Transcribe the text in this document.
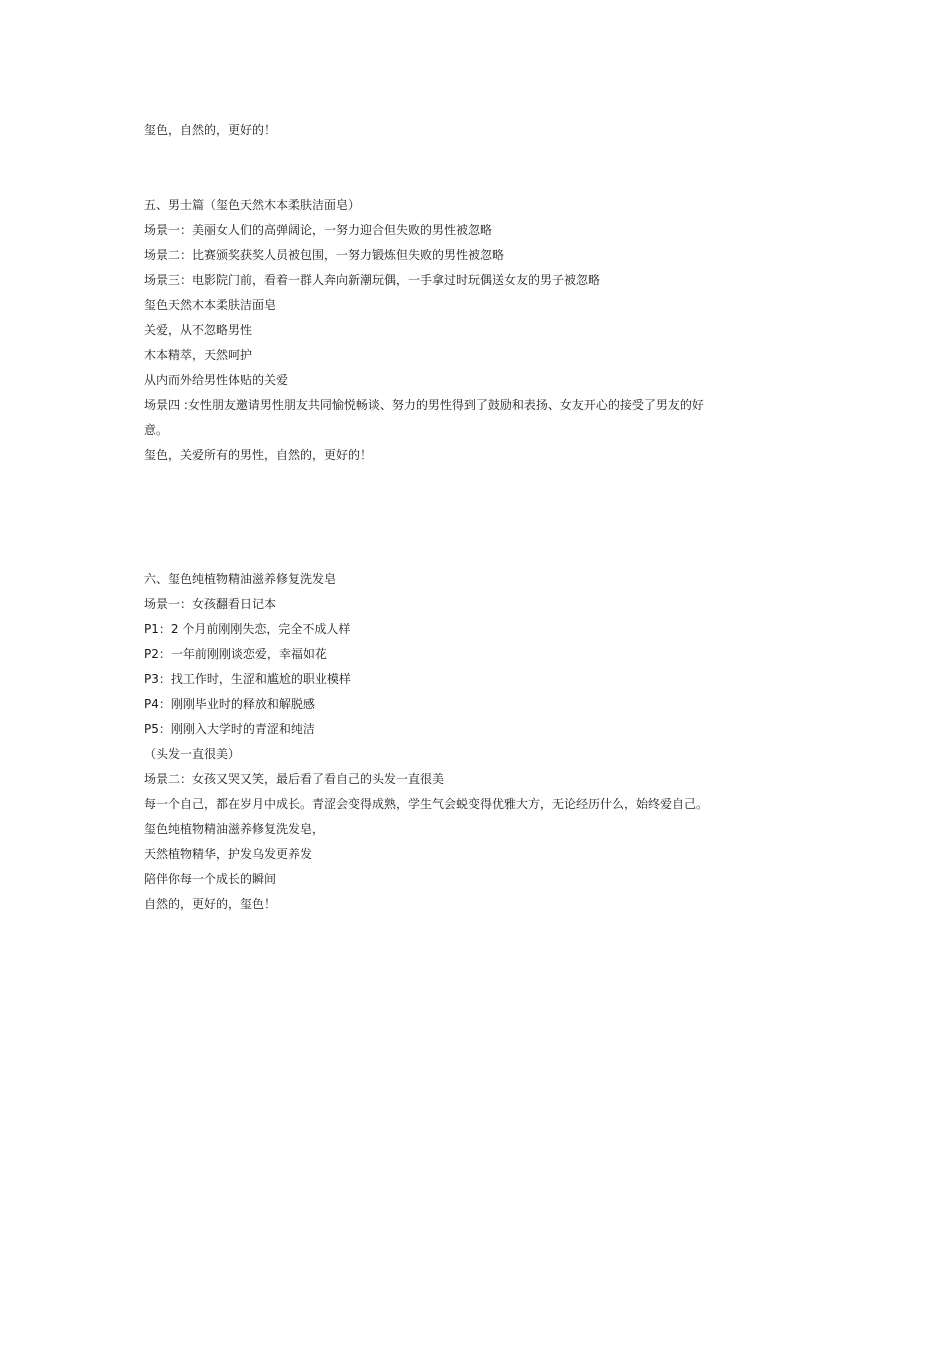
玺色，自然的，更好的！
五、男士篇（玺色天然木本柔肤洁面皂）
场景一：美丽女人们的高弹阔论，一努力迎合但失败的男性被忽略
场景二：比赛颁奖获奖人员被包围，一努力锻炼但失败的男性被忽略
场景三：电影院门前，看着一群人奔向新潮玩偶，一手拿过时玩偶送女友的男子被忽略
玺色天然木本柔肤洁面皂
关爱，从不忽略男性
木本精萃，天然呵护
从内而外给男性体贴的关爱
场景四 :女性朋友邀请男性朋友共同愉悦畅谈、努力的男性得到了鼓励和表扬、女友开心的接受了男友的好
意。
玺色，关爱所有的男性，自然的，更好的！
六、玺色纯植物精油滋养修复洗发皂
场景一：女孩翻看日记本
P1：2 个月前刚刚失恋，完全不成人样
P2：一年前刚刚谈恋爱，幸福如花
P3：找工作时，生涩和尴尬的职业模样
P4：刚刚毕业时的释放和解脱感
P5：刚刚入大学时的青涩和纯洁
（头发一直很美）
场景二：女孩又哭又笑，最后看了看自己的头发一直很美
每一个自己，都在岁月中成长。青涩会变得成熟，学生气会蜕变得优雅大方，无论经历什么，始终爱自己。
玺色纯植物精油滋养修复洗发皂，
天然植物精华，护发乌发更养发
陪伴你每一个成长的瞬间
自然的，更好的，玺色！
